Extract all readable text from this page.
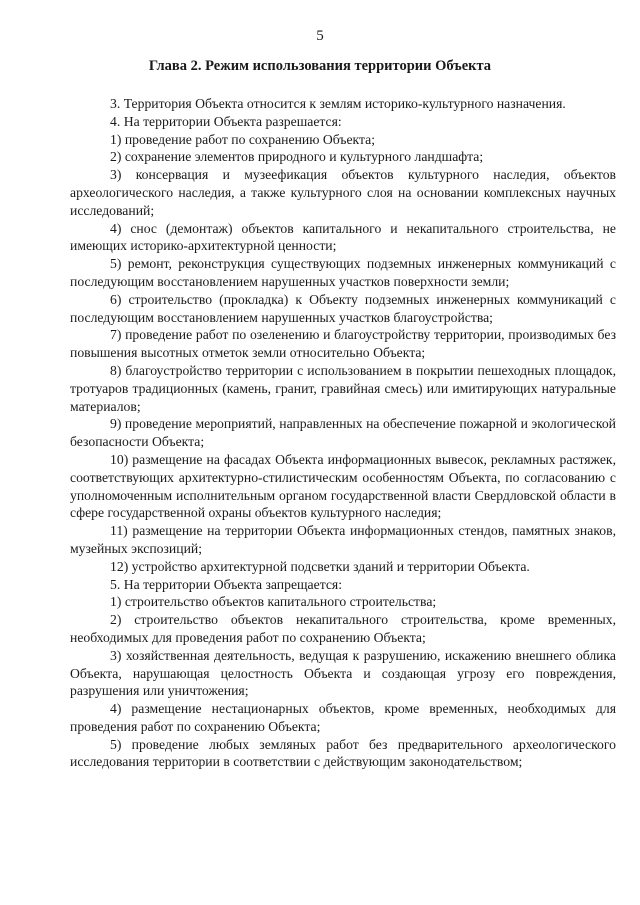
5
Глава 2. Режим использования территории Объекта

3. Территория Объекта относится к землям историко-культурного назначения.

4. На территории Объекта разрешается:

1) проведение работ по сохранению Объекта;

2) сохранение элементов природного и культурного ландшафта;

3) консервация и музеефикация объектов культурного наследия, объектов археологического наследия, а также культурного слоя на основании комплексных научных исследований;

4) снос (демонтаж) объектов капитального и некапитального строительства, не имеющих историко-архитектурной ценности;

5) ремонт, реконструкция существующих подземных инженерных коммуникаций с последующим восстановлением нарушенных участков поверхности земли;

6) строительство (прокладка) к Объекту подземных инженерных коммуникаций с последующим восстановлением нарушенных участков благоустройства;

7) проведение работ по озеленению и благоустройству территории, производимых без повышения высотных отметок земли относительно Объекта;

8) благоустройство территории с использованием в покрытии пешеходных площадок, тротуаров традиционных (камень, гранит, гравийная смесь) или имитирующих натуральные материалов;

9) проведение мероприятий, направленных на обеспечение пожарной и экологической безопасности Объекта;

10) размещение на фасадах Объекта информационных вывесок, рекламных растяжек, соответствующих архитектурно-стилистическим особенностям Объекта, по согласованию с уполномоченным исполнительным органом государственной власти Свердловской области в сфере государственной охраны объектов культурного наследия;

11) размещение на территории Объекта информационных стендов, памятных знаков, музейных экспозиций;

12) устройство архитектурной подсветки зданий и территории Объекта.

5. На территории Объекта запрещается:

1) строительство объектов капитального строительства;

2) строительство объектов некапитального строительства, кроме временных, необходимых для проведения работ по сохранению Объекта;

3) хозяйственная деятельность, ведущая к разрушению, искажению внешнего облика Объекта, нарушающая целостность Объекта и создающая угрозу его повреждения, разрушения или уничтожения;

4) размещение нестационарных объектов, кроме временных, необходимых для проведения работ по сохранению Объекта;

5) проведение любых земляных работ без предварительного археологического исследования территории в соответствии с действующим законодательством;
